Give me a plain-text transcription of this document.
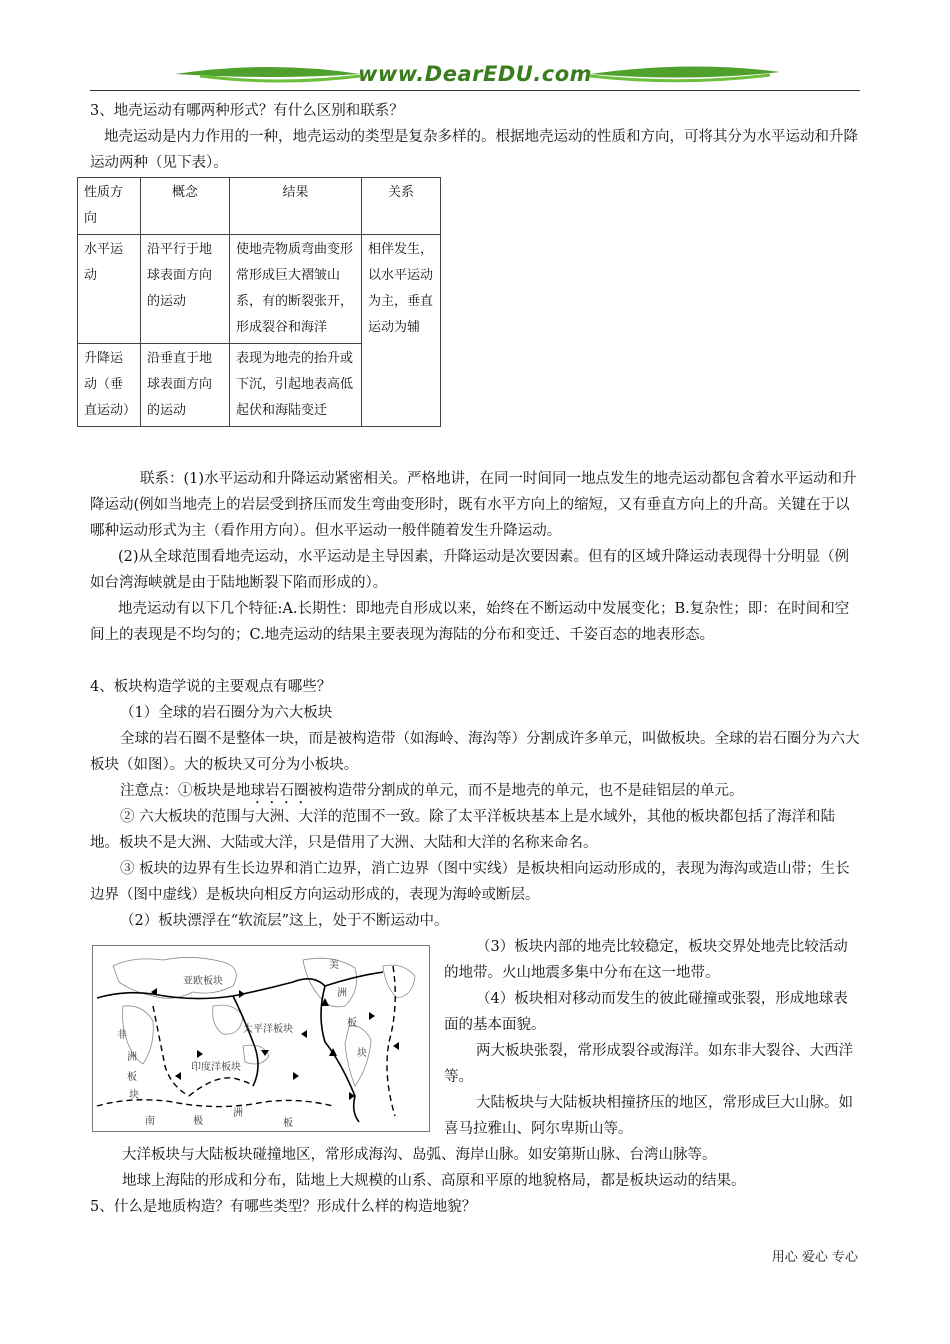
www.DearEDU.com

3、地壳运动有哪两种形式？有什么区别和联系？

地壳运动是内力作用的一种，地壳运动的类型是复杂多样的。根据地壳运动的性质和方向，可将其分为水平运动和升降运动两种（见下表）。

性质方向	概念	结果	关系
水平运动	沿平行于地球表面方向的运动	使地壳物质弯曲变形常形成巨大褶皱山系，有的断裂张开，形成裂谷和海洋	相伴发生，以水平运动为主，垂直运动为辅
升降运动（垂直运动）	沿垂直于地球表面方向的运动	表现为地壳的抬升或下沉，引起地表高低起伏和海陆变迁	

联系：(1)水平运动和升降运动紧密相关。严格地讲，在同一时间同一地点发生的地壳运动都包含着水平运动和升降运动(例如当地壳上的岩层受到挤压而发生弯曲变形时，既有水平方向上的缩短，又有垂直方向上的升高。关键在于以哪种运动形式为主（看作用方向）。但水平运动一般伴随着发生升降运动。

(2)从全球范围看地壳运动，水平运动是主导因素，升降运动是次要因素。但有的区域升降运动表现得十分明显（例如台湾海峡就是由于陆地断裂下陷而形成的）。

地壳运动有以下几个特征:A.长期性：即地壳自形成以来，始终在不断运动中发展变化；B.复杂性；即：在时间和空间上的表现是不均匀的；C.地壳运动的结果主要表现为海陆的分布和变迁、千姿百态的地表形态。

4、板块构造学说的主要观点有哪些？

（1）全球的岩石圈分为六大板块

全球的岩石圈不是整体一块，而是被构造带（如海岭、海沟等）分割成许多单元，叫做板块。全球的岩石圈分为六大板块（如图）。大的板块又可分为小板块。

注意点：①板块是地球岩石圈被构造带分割成的单元，而不是地壳的单元，也不是硅铝层的单元。

② 六大板块的范围与大洲、大洋的范围不一致。除了太平洋板块基本上是水域外，其他的板块都包括了海洋和陆地。板块不是大洲、大陆或大洋，只是借用了大洲、大陆和大洋的名称来命名。

③ 板块的边界有生长边界和消亡边界，消亡边界（图中实线）是板块相向运动形成的，表现为海沟或造山带；生长边界（图中虚线）是板块向相反方向运动形成的，表现为海岭或断层。

（2）板块漂浮在“软流层”这上，处于不断运动中。

亚欧板块
非
洲
板
块
太平洋板块
印度洋板块
美
洲
板
块
南	极
洲
板

（3）板块内部的地壳比较稳定，板块交界处地壳比较活动的地带。火山地震多集中分布在这一地带。

（4）板块相对移动而发生的彼此碰撞或张裂，形成地球表面的基本面貌。

两大板块张裂，常形成裂谷或海洋。如东非大裂谷、大西洋等。

大陆板块与大陆板块相撞挤压的地区，常形成巨大山脉。如喜马拉雅山、阿尔卑斯山等。

大洋板块与大陆板块碰撞地区，常形成海沟、岛弧、海岸山脉。如安第斯山脉、台湾山脉等。

地球上海陆的形成和分布，陆地上大规模的山系、高原和平原的地貌格局，都是板块运动的结果。

5、什么是地质构造？有哪些类型？形成什么样的构造地貌？

用心 爱心 专心
